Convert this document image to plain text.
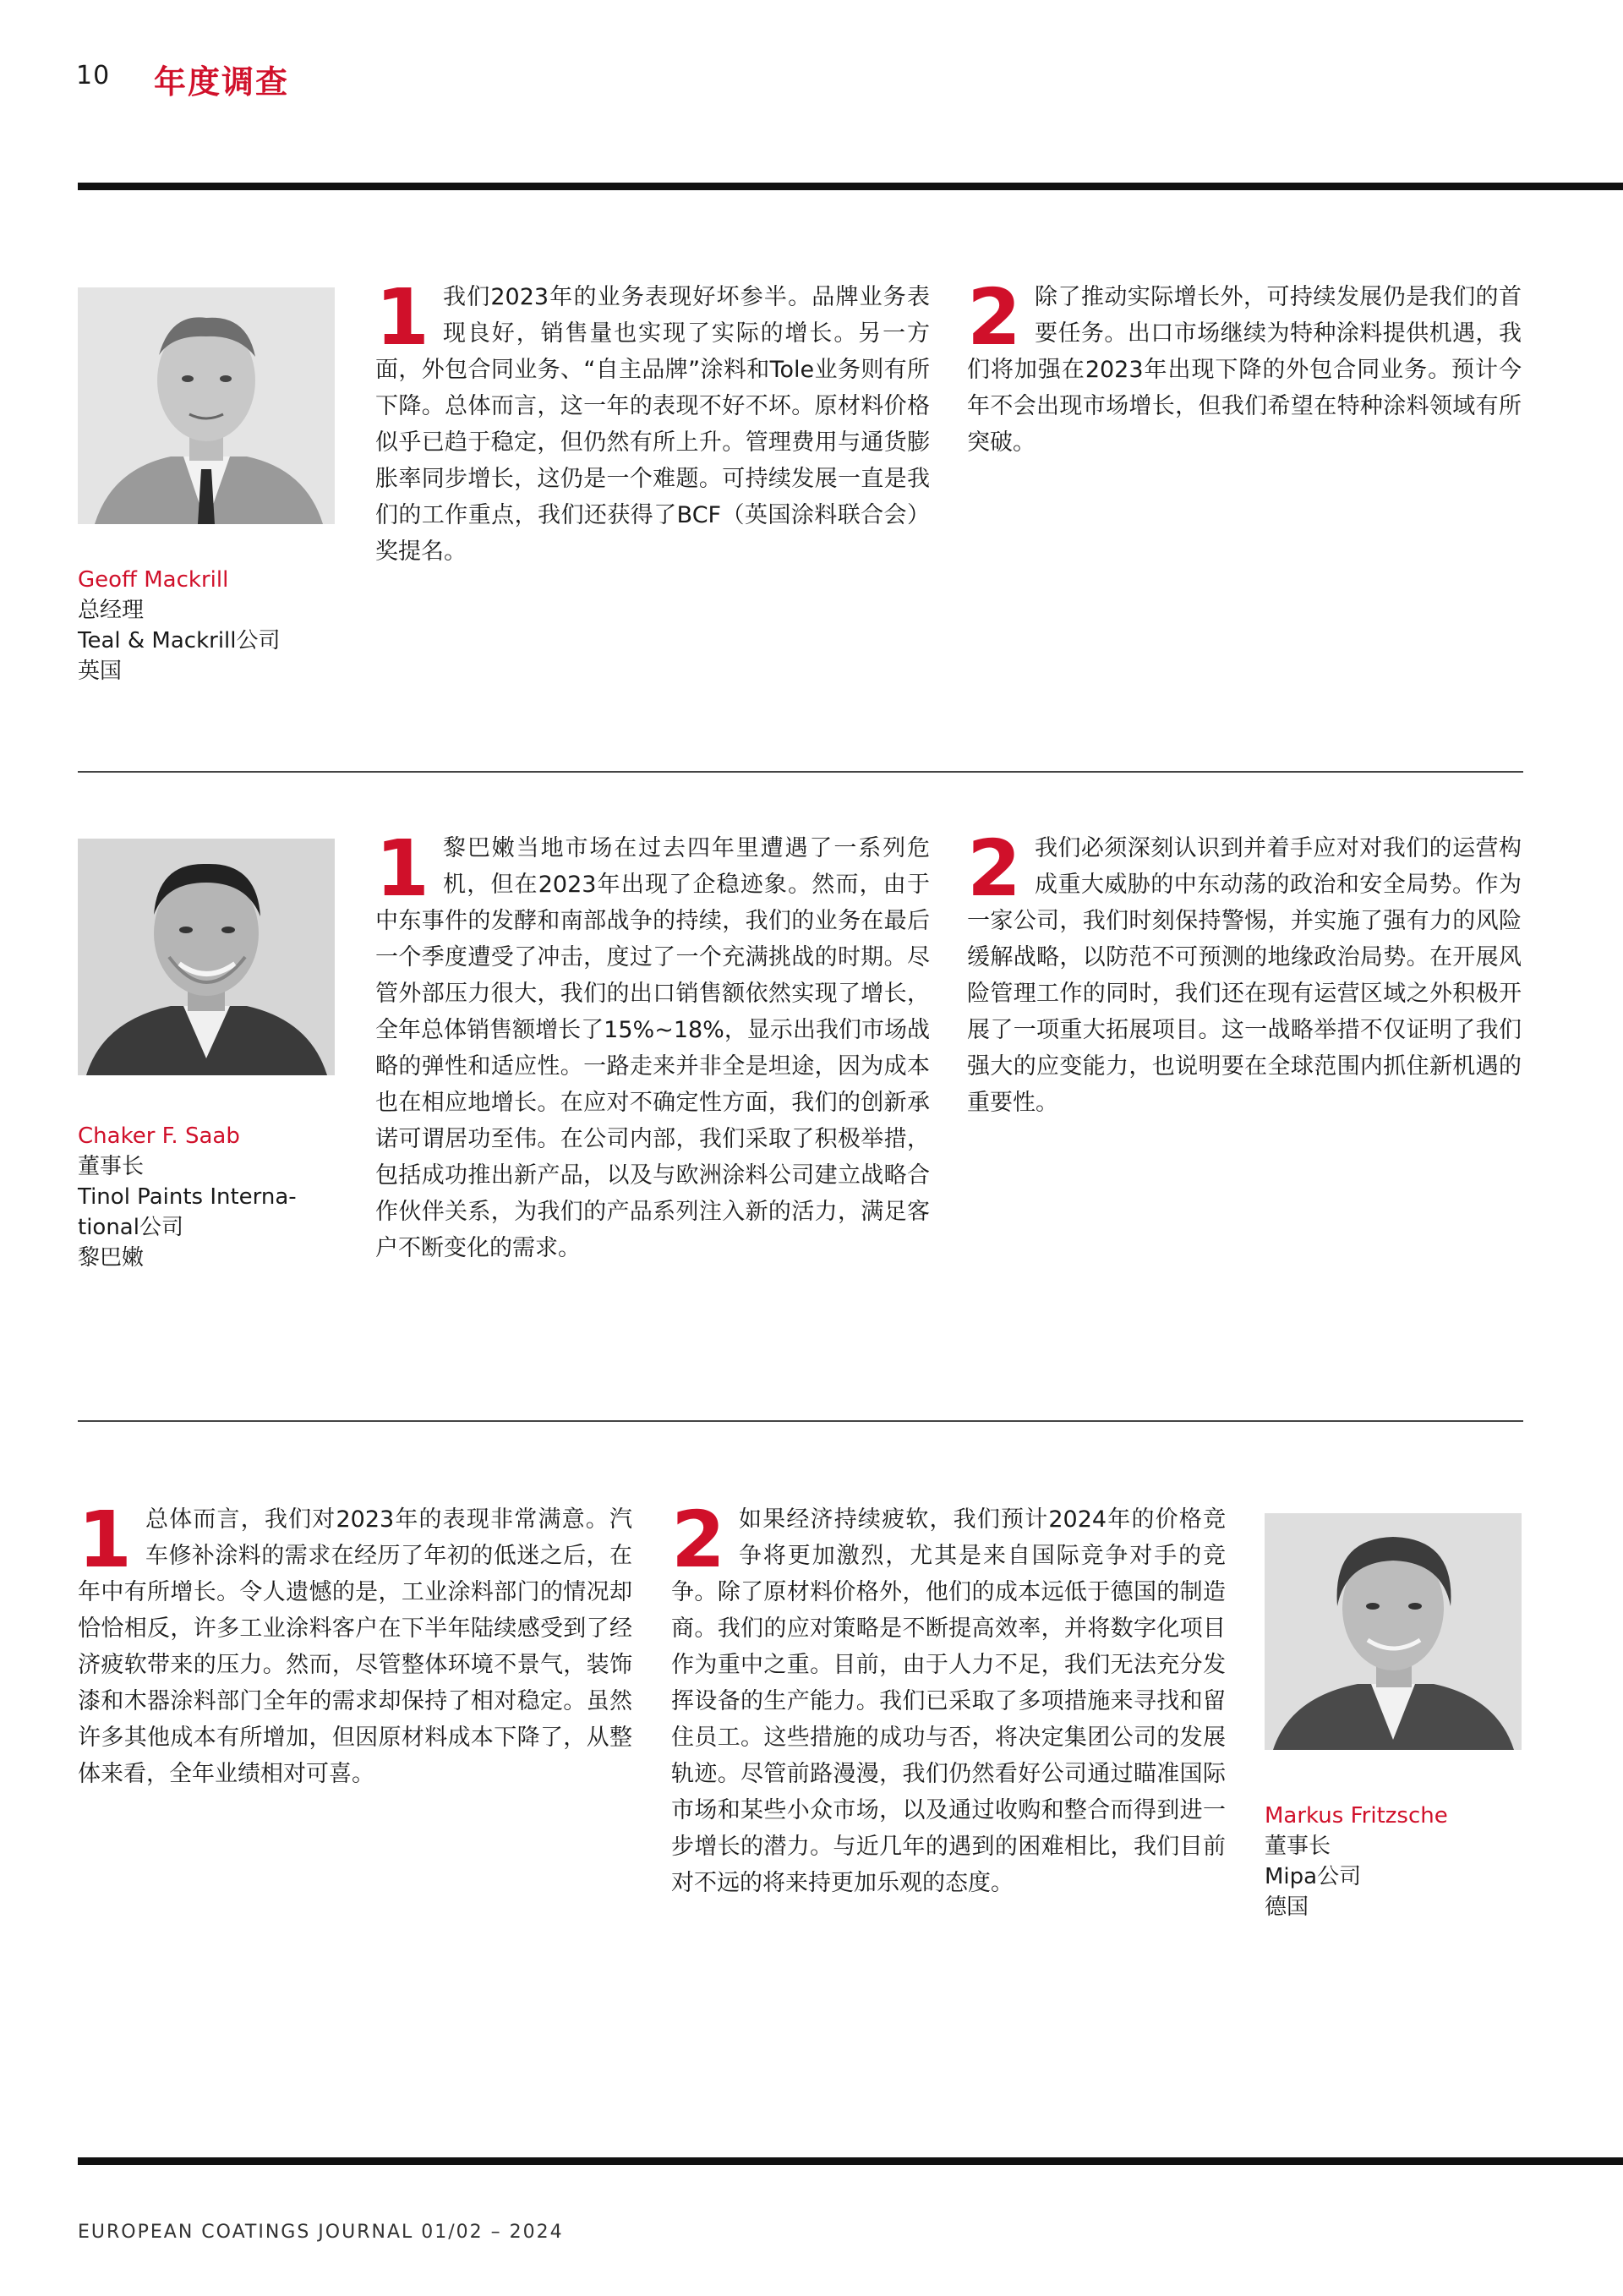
10 年度调查
Geoff Mackrill
总经理
Teal & Mackrill公司
英国
1 我们2023年的业务表现好坏参半。品牌业务表现良好，销售量也实现了实际的增长。另一方面，外包合同业务、“自主品牌”涂料和Tole业务则有所下降。总体而言，这一年的表现不好不坏。原材料价格似乎已趋于稳定，但仍然有所上升。管理费用与通货膨胀率同步增长，这仍是一个难题。可持续发展一直是我们的工作重点，我们还获得了BCF（英国涂料联合会）奖提名。
2 除了推动实际增长外，可持续发展仍是我们的首要任务。出口市场继续为特种涂料提供机遇，我们将加强在2023年出现下降的外包合同业务。预计今年不会出现市场增长，但我们希望在特种涂料领域有所突破。
Chaker F. Saab
董事长
Tinol Paints Interna-
tional公司
黎巴嫩
1 黎巴嫩当地市场在过去四年里遭遇了一系列危机，但在2023年出现了企稳迹象。然而，由于中东事件的发酵和南部战争的持续，我们的业务在最后一个季度遭受了冲击，度过了一个充满挑战的时期。尽管外部压力很大，我们的出口销售额依然实现了增长，全年总体销售额增长了15%~18%，显示出我们市场战略的弹性和适应性。一路走来并非全是坦途，因为成本也在相应地增长。在应对不确定性方面，我们的创新承诺可谓居功至伟。在公司内部，我们采取了积极举措，包括成功推出新产品，以及与欧洲涂料公司建立战略合作伙伴关系，为我们的产品系列注入新的活力，满足客户不断变化的需求。
2 我们必须深刻认识到并着手应对对我们的运营构成重大威胁的中东动荡的政治和安全局势。作为一家公司，我们时刻保持警惕，并实施了强有力的风险缓解战略，以防范不可预测的地缘政治局势。在开展风险管理工作的同时，我们还在现有运营区域之外积极开展了一项重大拓展项目。这一战略举措不仅证明了我们强大的应变能力，也说明要在全球范围内抓住新机遇的重要性。
1 总体而言，我们对2023年的表现非常满意。汽车修补涂料的需求在经历了年初的低迷之后，在年中有所增长。令人遗憾的是，工业涂料部门的情况却恰恰相反，许多工业涂料客户在下半年陆续感受到了经济疲软带来的压力。然而，尽管整体环境不景气，装饰漆和木器涂料部门全年的需求却保持了相对稳定。虽然许多其他成本有所增加，但因原材料成本下降了，从整体来看，全年业绩相对可喜。
2 如果经济持续疲软，我们预计2024年的价格竞争将更加激烈，尤其是来自国际竞争对手的竞争。除了原材料价格外，他们的成本远低于德国的制造商。我们的应对策略是不断提高效率，并将数字化项目作为重中之重。目前，由于人力不足，我们无法充分发挥设备的生产能力。我们已采取了多项措施来寻找和留住员工。这些措施的成功与否，将决定集团公司的发展轨迹。尽管前路漫漫，我们仍然看好公司通过瞄准国际市场和某些小众市场，以及通过收购和整合而得到进一步增长的潜力。与近几年的遇到的困难相比，我们目前对不远的将来持更加乐观的态度。
Markus Fritzsche
董事长
Mipa公司
德国
EUROPEAN COATINGS JOURNAL 01/02 – 2024
